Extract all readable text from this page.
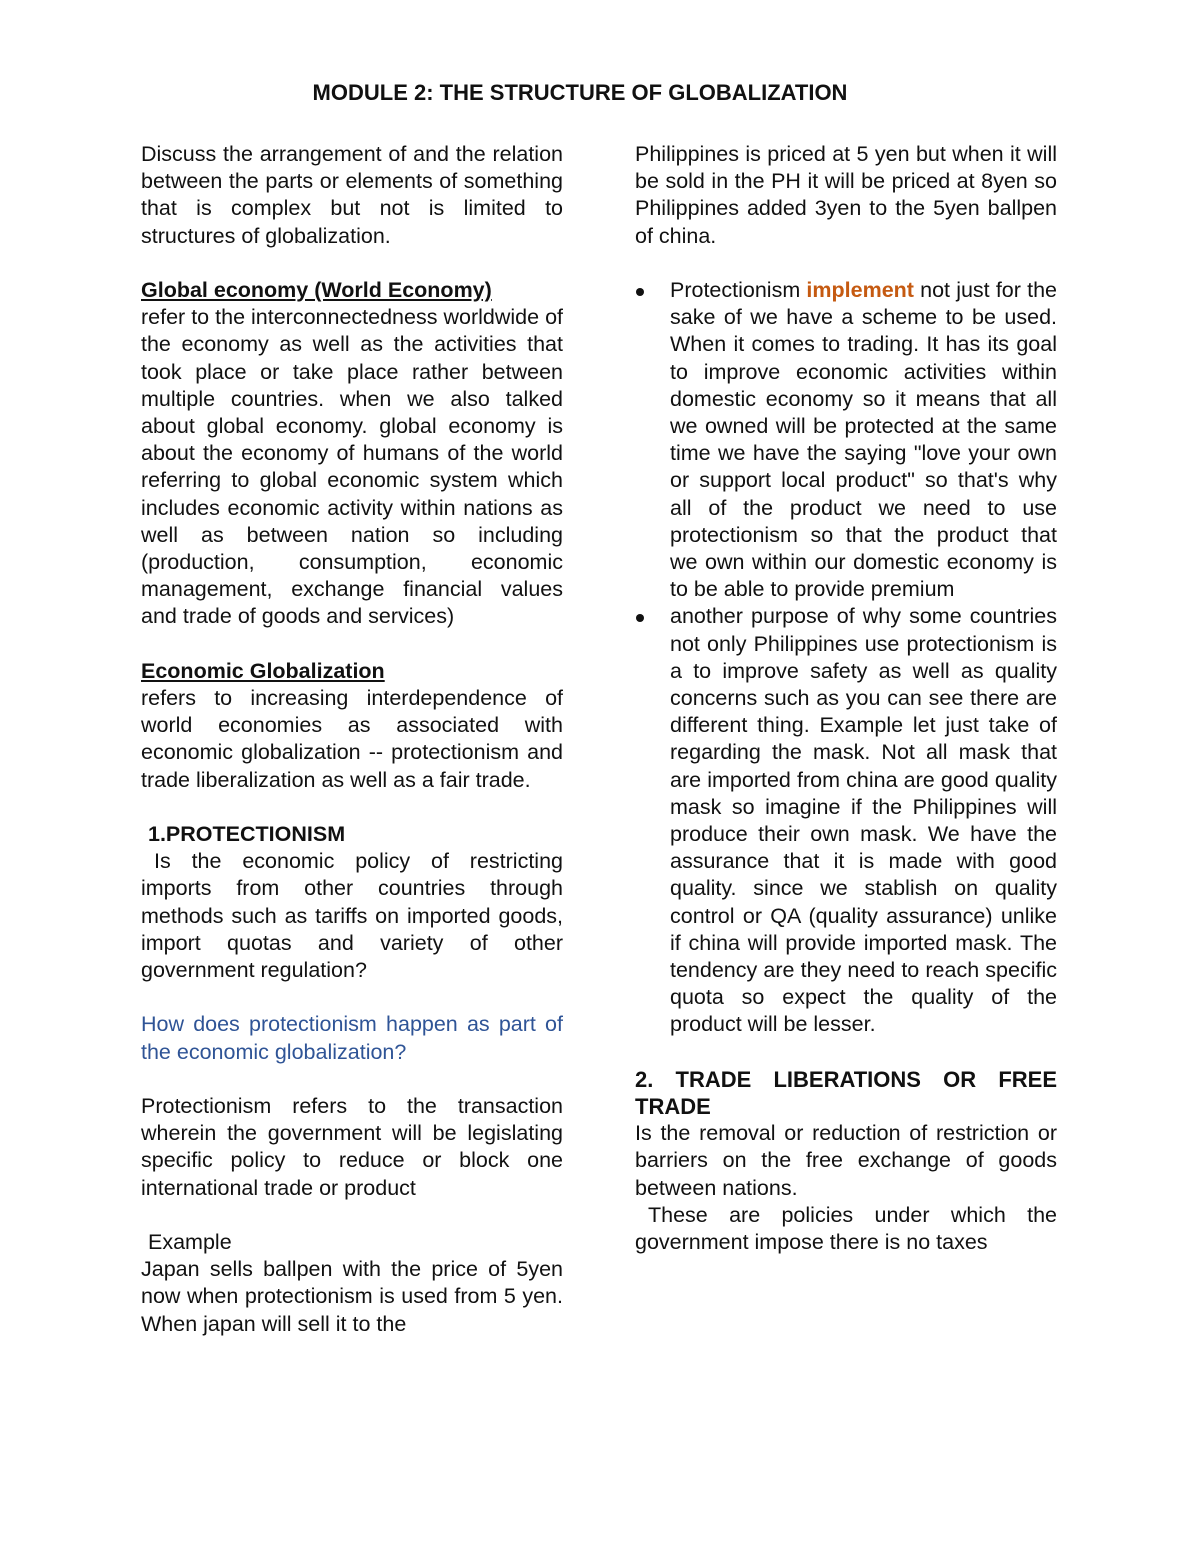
MODULE 2: THE STRUCTURE OF GLOBALIZATION

Discuss the arrangement of and the relation between the parts or elements of something that is complex but not is limited to structures of globalization.

Global economy (World Economy)

refer to the interconnectedness worldwide of the economy as well as the activities that took place or take place rather between multiple countries. when we also talked about global economy. global economy is about the economy of humans of the world referring to global economic system which includes economic activity within nations as well as between nation so including (production, consumption, economic management, exchange financial values and trade of goods and services)

Economic Globalization

refers to increasing interdependence of world economies as associated with economic globalization -- protectionism and trade liberalization as well as a fair trade.

1.PROTECTIONISM

Is the economic policy of restricting imports from other countries through methods such as tariffs on imported goods, import quotas and variety of other government regulation?

How does protectionism happen as part of the economic globalization?

Protectionism refers to the transaction wherein the government will be legislating specific policy to reduce or block one international trade or product

Example

Japan sells ballpen with the price of 5yen now when protectionism is used from 5 yen. When japan will sell it to the

Philippines is priced at 5 yen but when it will be sold in the PH it will be priced at 8yen so Philippines added 3yen to the 5yen ballpen of china.

Protectionism implement not just for the sake of we have a scheme to be used. When it comes to trading. It has its goal to improve economic activities within domestic economy so it means that all we owned will be protected at the same time we have the saying "love your own or support local product" so that's why all of the product we need to use protectionism so that the product that we own within our domestic economy is to be able to provide premium
another purpose of why some countries not only Philippines use protectionism is a to improve safety as well as quality concerns such as you can see there are different thing. Example let just take of regarding the mask. Not all mask that are imported from china are good quality mask so imagine if the Philippines will produce their own mask. We have the assurance that it is made with good quality. since we stablish on quality control or QA (quality assurance) unlike if china will provide imported mask. The tendency are they need to reach specific quota so expect the quality of the product will be lesser.
2. TRADE LIBERATIONS OR FREE TRADE

Is the removal or reduction of restriction or barriers on the free exchange of goods between nations.

These are policies under which the government impose there is no taxes
